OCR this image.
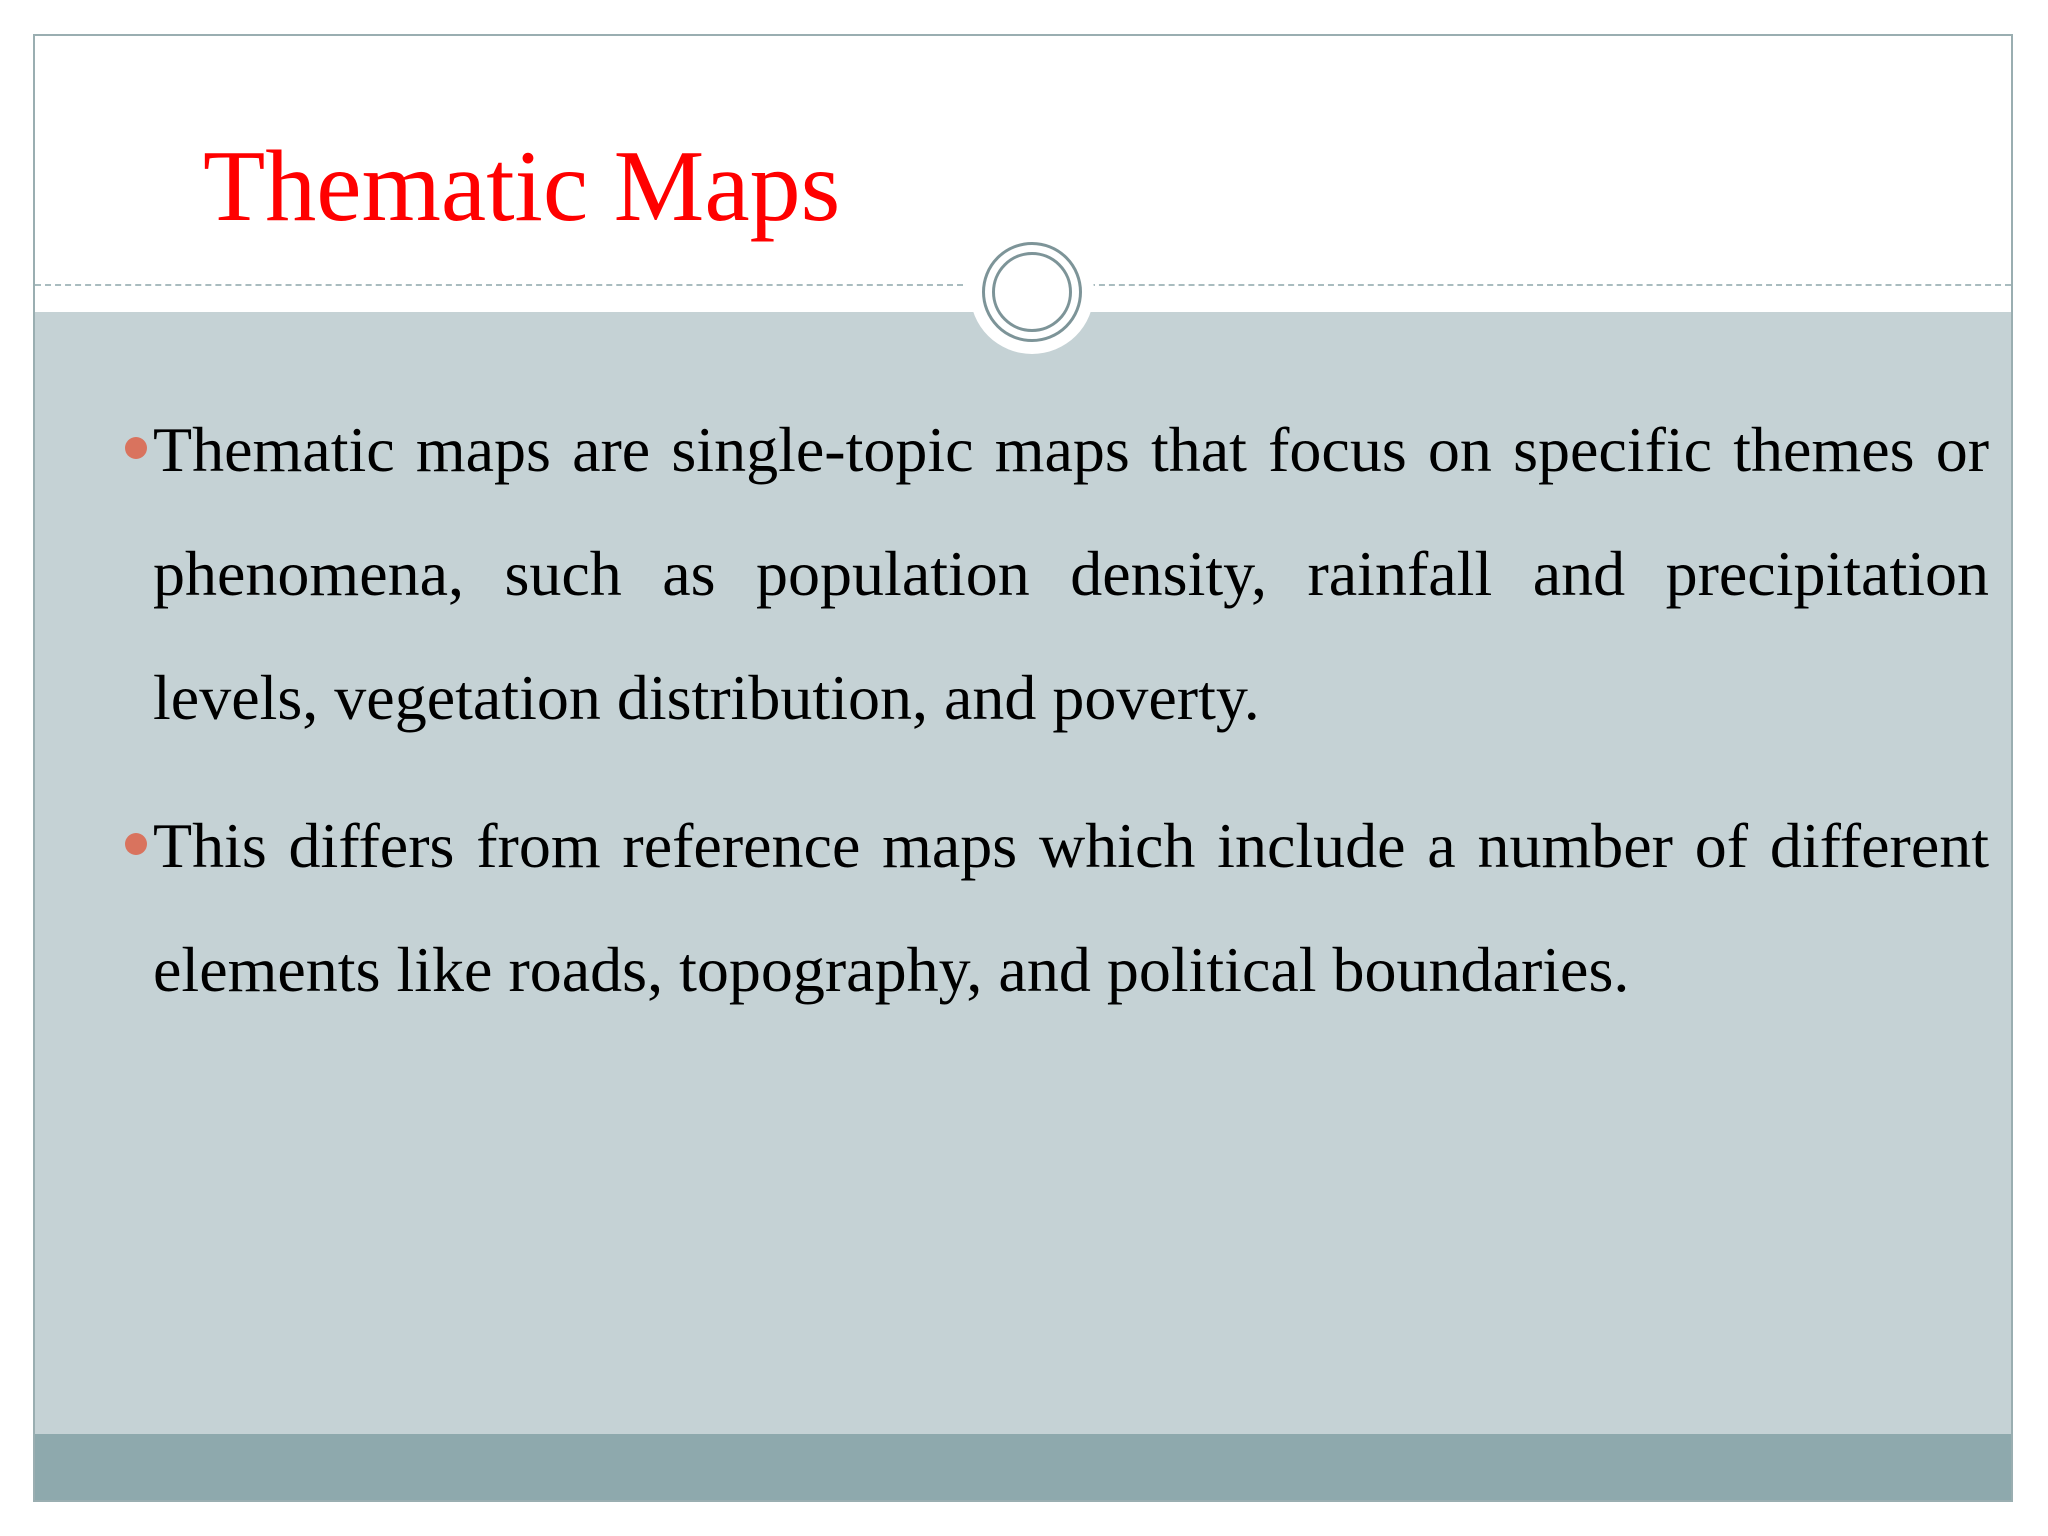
Thematic Maps

Thematic maps are single-topic maps that focus on specific themes or phenomena, such as population density, rainfall and precipitation levels, vegetation distribution, and poverty.

This differs from reference maps which include a number of different elements like roads, topography, and political boundaries.
